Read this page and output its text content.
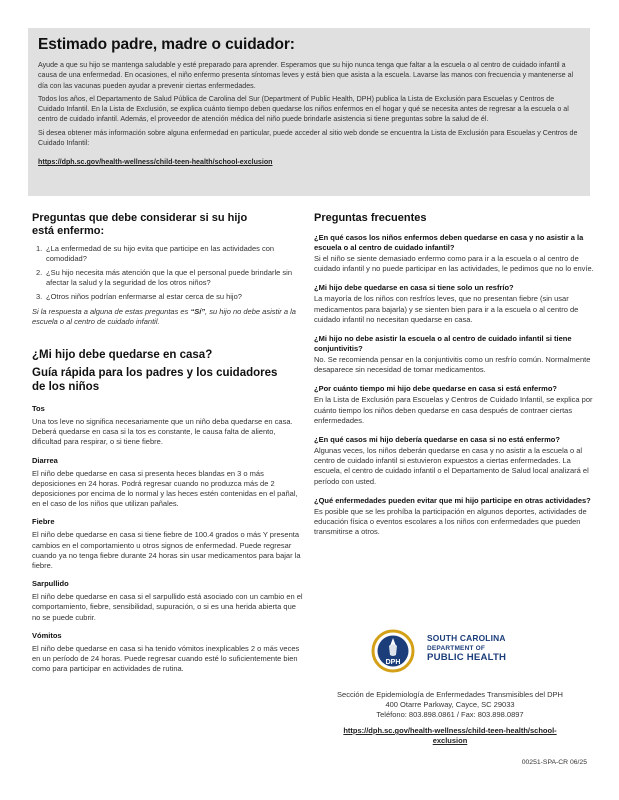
Estimado padre, madre o cuidador:

Ayude a que su hijo se mantenga saludable y esté preparado para aprender. Esperamos que su hijo nunca tenga que faltar a la escuela o al centro de cuidado infantil a causa de una enfermedad. En ocasiones, el niño enfermo presenta síntomas leves y está bien que asista a la escuela. Lavarse las manos con frecuencia y mantenerse al día con las vacunas pueden ayudar a prevenir ciertas enfermedades.

Todos los años, el Departamento de Salud Pública de Carolina del Sur (Department of Public Health, DPH) publica la Lista de Exclusión para Escuelas y Centros de Cuidado Infantil. En la Lista de Exclusión, se explica cuánto tiempo deben quedarse los niños enfermos en el hogar y qué se necesita antes de regresar a la escuela o al centro de cuidado infantil. Además, el proveedor de atención médica del niño puede brindarle asistencia si tiene preguntas sobre la salud de él.

Si desea obtener más información sobre alguna enfermedad en particular, puede acceder al sitio web donde se encuentra la Lista de Exclusión para Escuelas y Centros de Cuidado Infantil:

https://dph.sc.gov/health-wellness/child-teen-health/school-exclusion
Preguntas que debe considerar si su hijo
está enfermo:
1. ¿La enfermedad de su hijo evita que participe en las actividades con comodidad?
2. ¿Su hijo necesita más atención que la que el personal puede brindarle sin afectar la salud y la seguridad de los otros niños?
3. ¿Otros niños podrían enfermarse al estar cerca de su hijo?

Si la respuesta a alguna de estas preguntas es “Sí”, su hijo no debe asistir a la escuela o al centro de cuidado infantil.

¿Mi hijo debe quedarse en casa?
Guía rápida para los padres y los cuidadores
de los niños
Tos

Una tos leve no significa necesariamente que un niño deba quedarse en casa. Deberá quedarse en casa si la tos es constante, le causa falta de aliento, dificultad para respirar, o si tiene fiebre.

Diarrea

El niño debe quedarse en casa si presenta heces blandas en 3 o más deposiciones en 24 horas. Podrá regresar cuando no produzca más de 2 deposiciones por encima de lo normal y las heces estén contenidas en el pañal, en el caso de los niños que utilizan pañales.

Fiebre

El niño debe quedarse en casa si tiene fiebre de 100.4 grados o más Y presenta cambios en el comportamiento u otros signos de enfermedad. Puede regresar cuando ya no tenga fiebre durante 24 horas sin usar medicamentos para bajar la fiebre.

Sarpullido

El niño debe quedarse en casa si el sarpullido está asociado con un cambio en el comportamiento, fiebre, sensibilidad, supuración, o si es una herida abierta que no se puede cubrir.

Vómitos

El niño debe quedarse en casa si ha tenido vómitos inexplicables 2 o más veces en un período de 24 horas. Puede regresar cuando esté lo suficientemente bien como para participar en actividades de rutina.

Preguntas frecuentes
¿En qué casos los niños enfermos deben quedarse en casa y no asistir a la escuela o al centro de cuidado infantil?

Si el niño se siente demasiado enfermo como para ir a la escuela o al centro de cuidado infantil y no puede participar en las actividades, le pedimos que no lo envíe.

¿Mi hijo debe quedarse en casa si tiene solo un resfrío?

La mayoría de los niños con resfríos leves, que no presentan fiebre (sin usar medicamentos para bajarla) y se sienten bien para ir a la escuela o al centro de cuidado infantil no necesitan quedarse en casa.

¿Mi hijo no debe asistir la escuela o al centro de cuidado infantil si tiene conjuntivitis?

No. Se recomienda pensar en la conjuntivitis como un resfrío común. Normalmente desaparece sin necesidad de tomar medicamentos.

¿Por cuánto tiempo mi hijo debe quedarse en casa si está enfermo?

En la Lista de Exclusión para Escuelas y Centros de Cuidado Infantil, se explica por cuánto tiempo los niños deben quedarse en casa después de contraer ciertas enfermedades.

¿En qué casos mi hijo debería quedarse en casa si no está enfermo?

Algunas veces, los niños deberán quedarse en casa y no asistir a la escuela o al centro de cuidado infantil si estuvieron expuestos a ciertas enfermedades. La escuela, el centro de cuidado infantil o el Departamento de Salud local analizará el período con usted.

¿Qué enfermedades pueden evitar que mi hijo participe en otras actividades?

Es posible que se les prohíba la participación en algunos deportes, actividades de educación física o eventos escolares a los niños con enfermedades que pueden transmitirse a otros.

DPH
SOUTH CAROLINA
DEPARTMENT OF
PUBLIC HEALTH
Sección de Epidemiología de Enfermedades Transmisibles del DPH
400 Otarre Parkway, Cayce, SC 29033
Teléfono: 803.898.0861 / Fax: 803.898.0897
https://dph.sc.gov/health-wellness/child-teen-health/school-
exclusion
00251-SPA-CR 06/25
